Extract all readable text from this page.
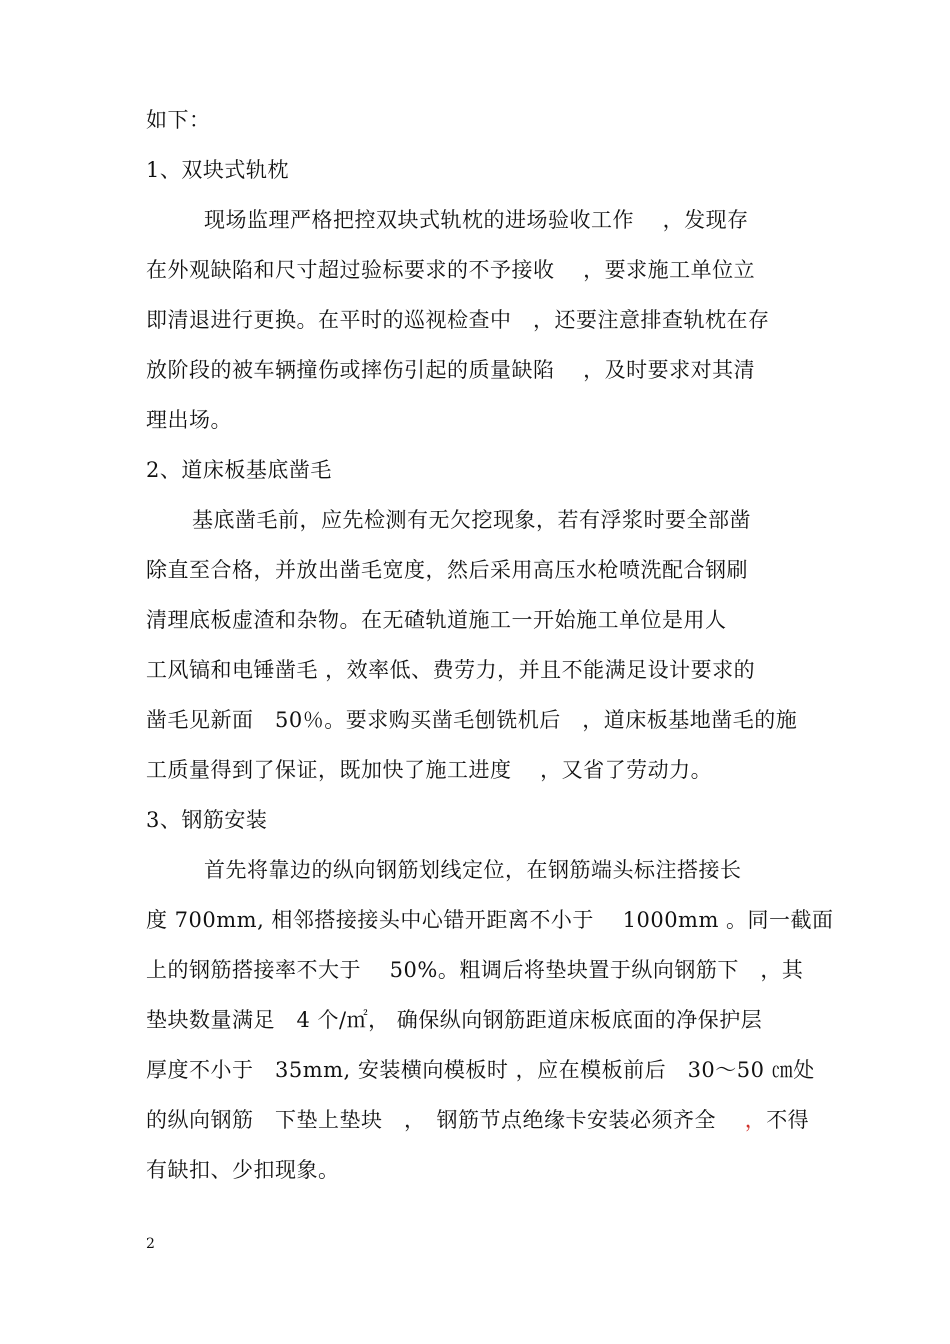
如下：
1、双块式轨枕
现场监理严格把控双块式轨枕的进场验收工作　 ，发现存
在外观缺陷和尺寸超过验标要求的不予接收　 ，要求施工单位立
即清退进行更换。在平时的巡视检查中　，还要注意排查轨枕在存
放阶段的被车辆撞伤或摔伤引起的质量缺陷　 ，及时要求对其清
理出场。
2、道床板基底凿毛
基底凿毛前，应先检测有无欠挖现象，若有浮浆时要全部凿
除直至合格，并放出凿毛宽度，然后采用高压水枪喷洗配合钢刷
清理底板虚渣和杂物。在无碴轨道施工一开始施工单位是用人
工风镐和电锤凿毛 ，效率低、费劳力，并且不能满足设计要求的
凿毛见新面　50％。要求购买凿毛刨铣机后　，道床板基地凿毛的施
工质量得到了保证，既加快了施工进度　 ，又省了劳动力。
3、钢筋安装
首先将靠边的纵向钢筋划线定位，在钢筋端头标注搭接长
度 700mm, 相邻搭接接头中心错开距离不小于　 1000mm 。同一截面
上的钢筋搭接率不大于　 50%。粗调后将垫块置于纵向钢筋下　，其
垫块数量满足　4 个/㎡， 确保纵向钢筋距道床板底面的净保护层
厚度不小于　35mm, 安装横向模板时 ，应在模板前后　30～50 ㎝处
的纵向钢筋　下垫上垫块　，　钢筋节点绝缘卡安装必须齐全　 ，不得
有缺扣、少扣现象。
2
